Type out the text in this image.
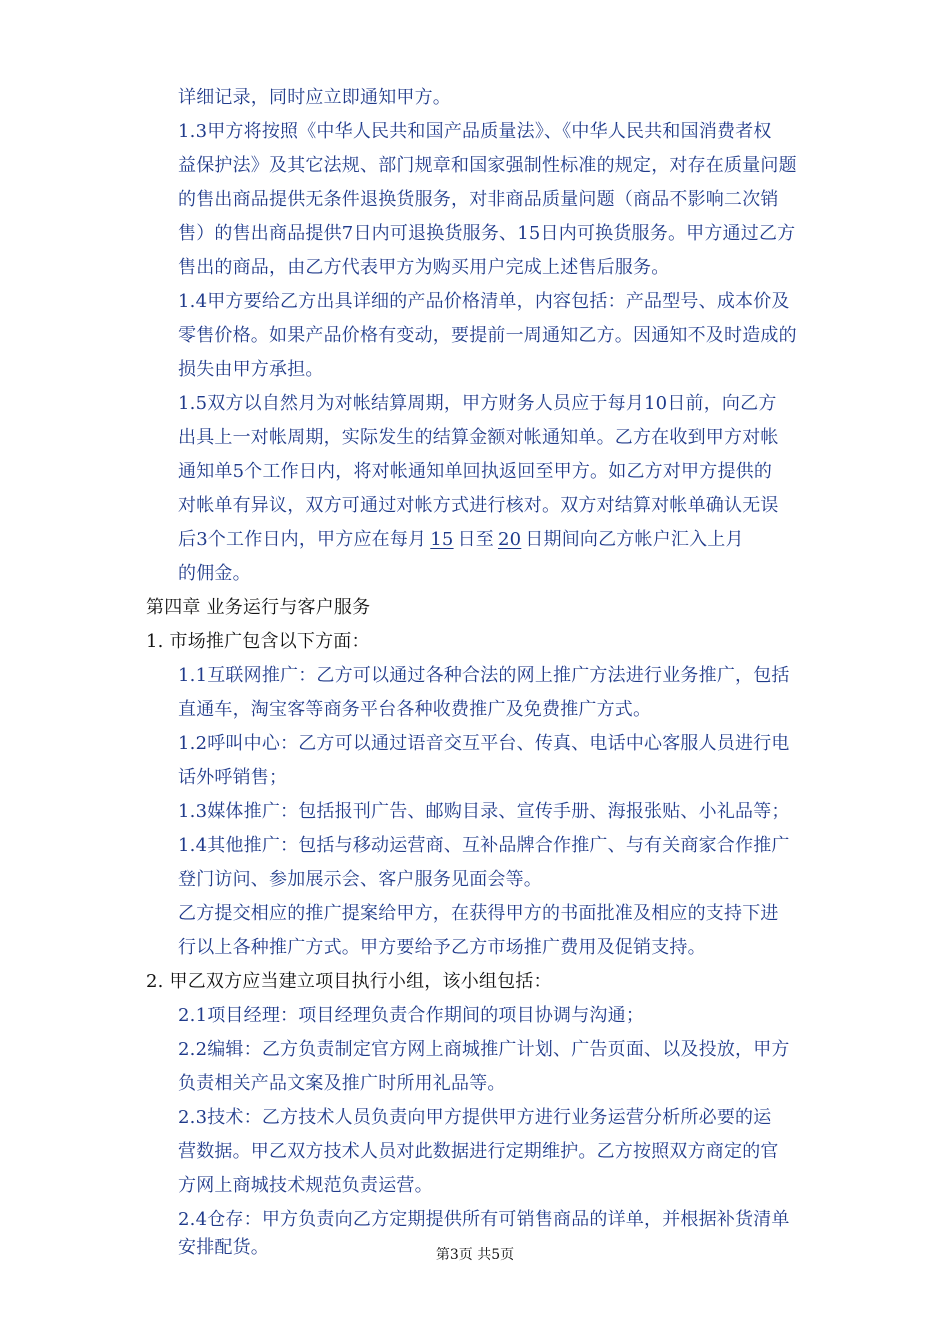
详细记录，同时应立即通知甲方。
1.3甲方将按照《中华人民共和国产品质量法》、《中华人民共和国消费者权
益保护法》及其它法规、部门规章和国家强制性标准的规定，对存在质量问题
的售出商品提供无条件退换货服务，对非商品质量问题（商品不影响二次销
售）的售出商品提供7日内可退换货服务、15日内可换货服务。甲方通过乙方
售出的商品，由乙方代表甲方为购买用户完成上述售后服务。
1.4甲方要给乙方出具详细的产品价格清单，内容包括：产品型号、成本价及
零售价格。如果产品价格有变动，要提前一周通知乙方。因通知不及时造成的
损失由甲方承担。
1.5双方以自然月为对帐结算周期，甲方财务人员应于每月10日前，向乙方
出具上一对帐周期，实际发生的结算金额对帐通知单。乙方在收到甲方对帐
通知单5个工作日内，将对帐通知单回执返回至甲方。如乙方对甲方提供的
对帐单有异议，双方可通过对帐方式进行核对。双方对结算对帐单确认无误
后3个工作日内，甲方应在每月 15 日至 20 日期间向乙方帐户汇入上月
的佣金。
第四章 业务运行与客户服务
1. 市场推广包含以下方面：
1.1互联网推广：乙方可以通过各种合法的网上推广方法进行业务推广，包括
直通车，淘宝客等商务平台各种收费推广及免费推广方式。
1.2呼叫中心：乙方可以通过语音交互平台、传真、电话中心客服人员进行电
话外呼销售；
1.3媒体推广：包括报刊广告、邮购目录、宣传手册、海报张贴、小礼品等；
1.4其他推广：包括与移动运营商、互补品牌合作推广、与有关商家合作推广
登门访问、参加展示会、客户服务见面会等。
乙方提交相应的推广提案给甲方，在获得甲方的书面批准及相应的支持下进
行以上各种推广方式。甲方要给予乙方市场推广费用及促销支持。
2. 甲乙双方应当建立项目执行小组，该小组包括：
2.1项目经理：项目经理负责合作期间的项目协调与沟通；
2.2编辑：乙方负责制定官方网上商城推广计划、广告页面、以及投放，甲方
负责相关产品文案及推广时所用礼品等。
2.3技术：乙方技术人员负责向甲方提供甲方进行业务运营分析所必要的运
营数据。甲乙双方技术人员对此数据进行定期维护。乙方按照双方商定的官
方网上商城技术规范负责运营。
2.4仓存：甲方负责向乙方定期提供所有可销售商品的详单，并根据补货清单
安排配货。	第3页 共5页
